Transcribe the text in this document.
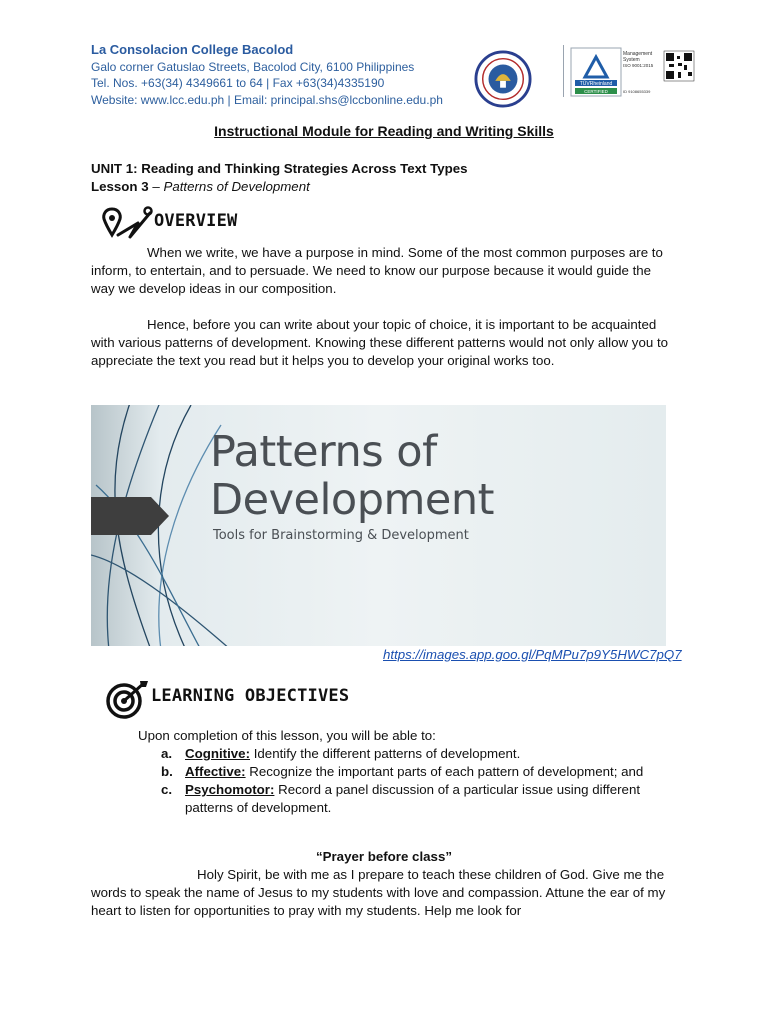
La Consolacion College Bacolod
Galo corner Gatuslao Streets, Bacolod City, 6100 Philippines
Tel. Nos. +63(34) 4349661 to 64 | Fax +63(34)4335190
Website: www.lcc.edu.ph | Email: principal.shs@lccbonline.edu.ph
TÜVRheinland
CERTIFIED
Management
System
ISO 9001:2015
ID 9108655339
Instructional Module for Reading and Writing Skills
UNIT 1: Reading and Thinking Strategies Across Text Types
Lesson 3 – Patterns of Development
OVERVIEW
When we write, we have a purpose in mind. Some of the most common purposes are to inform, to entertain, and to persuade. We need to know our purpose because it would guide the way we develop ideas in our composition.
Hence, before you can write about your topic of choice, it is important to be acquainted with various patterns of development. Knowing these different patterns would not only allow you to appreciate the text you read but it helps you to develop your original works too.
Patterns of
Development
Tools for Brainstorming & Development
https://images.app.goo.gl/PqMPu7p9Y5HWC7pQ7
LEARNING OBJECTIVES
Upon completion of this lesson, you will be able to:
a. Cognitive: Identify the different patterns of development.
b. Affective: Recognize the important parts of each pattern of development; and
c. Psychomotor: Record a panel discussion of a particular issue using different patterns of development.
“Prayer before class”
Holy Spirit, be with me as I prepare to teach these children of God. Give me the words to speak the name of Jesus to my students with love and compassion. Attune the ear of my heart to listen for opportunities to pray with my students. Help me look for
